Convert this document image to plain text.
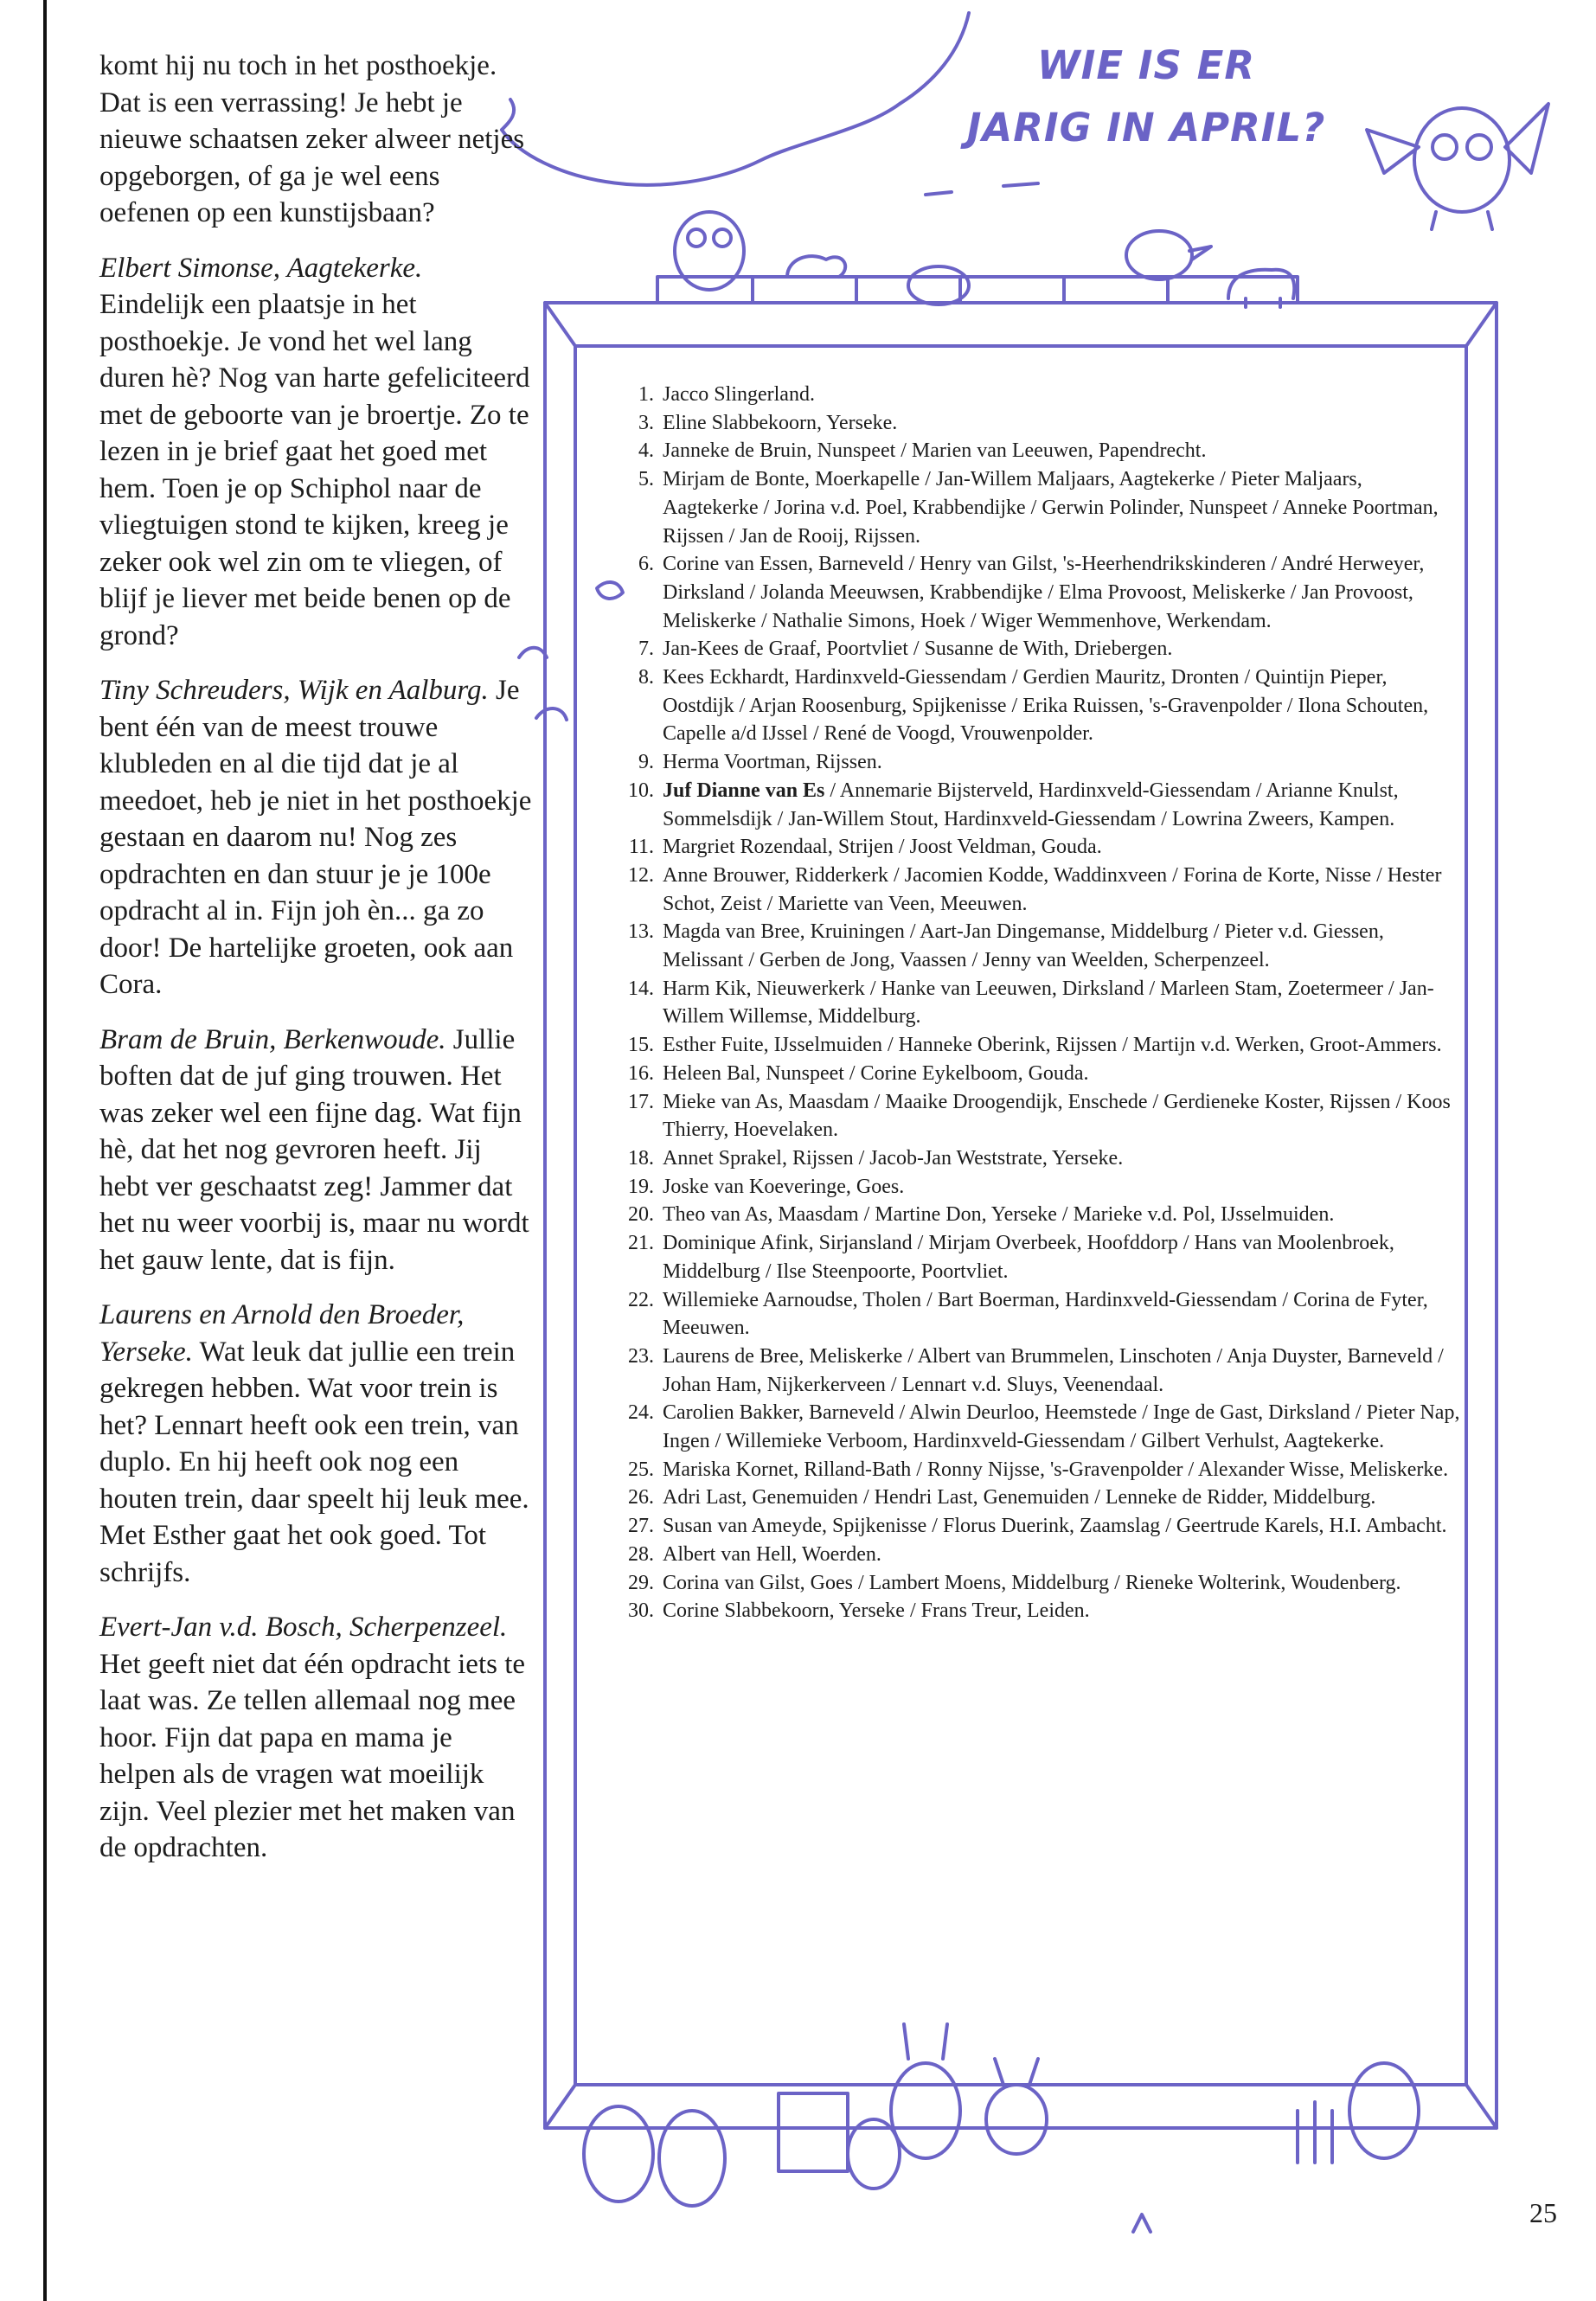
komt hij nu toch in het posthoekje. Dat is een verrassing! Je hebt je nieuwe schaatsen zeker alweer netjes opgeborgen, of ga je wel eens oefenen op een kunstijsbaan?

Elbert Simonse, Aagtekerke. Eindelijk een plaatsje in het posthoekje. Je vond het wel lang duren hè? Nog van harte gefeliciteerd met de geboorte van je broertje. Zo te lezen in je brief gaat het goed met hem. Toen je op Schiphol naar de vliegtuigen stond te kijken, kreeg je zeker ook wel zin om te vliegen, of blijf je liever met beide benen op de grond?

Tiny Schreuders, Wijk en Aalburg. Je bent één van de meest trouwe klubleden en al die tijd dat je al meedoet, heb je niet in het posthoekje gestaan en daarom nu! Nog zes opdrachten en dan stuur je je 100e opdracht al in. Fijn joh èn... ga zo door! De hartelijke groeten, ook aan Cora.

Bram de Bruin, Berkenwoude. Jullie boften dat de juf ging trouwen. Het was zeker wel een fijne dag. Wat fijn hè, dat het nog gevroren heeft. Jij hebt ver geschaatst zeg! Jammer dat het nu weer voorbij is, maar nu wordt het gauw lente, dat is fijn.

Laurens en Arnold den Broeder, Yerseke. Wat leuk dat jullie een trein gekregen hebben. Wat voor trein is het? Lennart heeft ook een trein, van duplo. En hij heeft ook nog een houten trein, daar speelt hij leuk mee. Met Esther gaat het ook goed. Tot schrijfs.

Evert-Jan v.d. Bosch, Scherpenzeel. Het geeft niet dat één opdracht iets te laat was. Ze tellen allemaal nog mee hoor. Fijn dat papa en mama je helpen als de vragen wat moeilijk zijn. Veel plezier met het maken van de opdrachten.

WIE IS ER
JARIG IN APRIL?
1. Jacco Slingerland.
3. Eline Slabbekoorn, Yerseke.
4. Janneke de Bruin, Nunspeet / Marien van Leeuwen, Papendrecht.
5. Mirjam de Bonte, Moerkapelle / Jan-Willem Maljaars, Aagtekerke / Pieter Maljaars, Aagtekerke / Jorina v.d. Poel, Krabbendijke / Gerwin Polinder, Nunspeet / Anneke Poortman, Rijssen / Jan de Rooij, Rijssen.
6. Corine van Essen, Barneveld / Henry van Gilst, 's-Heerhendrikskinderen / André Herweyer, Dirksland / Jolanda Meeuwsen, Krabbendijke / Elma Provoost, Meliskerke / Jan Provoost, Meliskerke / Nathalie Simons, Hoek / Wiger Wemmenhove, Werkendam.
7. Jan-Kees de Graaf, Poortvliet / Susanne de With, Driebergen.
8. Kees Eckhardt, Hardinxveld-Giessendam / Gerdien Mauritz, Dronten / Quintijn Pieper, Oostdijk / Arjan Roosenburg, Spijkenisse / Erika Ruissen, 's-Gravenpolder / Ilona Schouten, Capelle a/d IJssel / René de Voogd, Vrouwenpolder.
9. Herma Voortman, Rijssen.
10. Juf Dianne van Es / Annemarie Bijsterveld, Hardinxveld-Giessendam / Arianne Knulst, Sommelsdijk / Jan-Willem Stout, Hardinxveld-Giessendam / Lowrina Zweers, Kampen.
11. Margriet Rozendaal, Strijen / Joost Veldman, Gouda.
12. Anne Brouwer, Ridderkerk / Jacomien Kodde, Waddinxveen / Forina de Korte, Nisse / Hester Schot, Zeist / Mariette van Veen, Meeuwen.
13. Magda van Bree, Kruiningen / Aart-Jan Dingemanse, Middelburg / Pieter v.d. Giessen, Melissant / Gerben de Jong, Vaassen / Jenny van Weelden, Scherpenzeel.
14. Harm Kik, Nieuwerkerk / Hanke van Leeuwen, Dirksland / Marleen Stam, Zoetermeer / Jan-Willem Willemse, Middelburg.
15. Esther Fuite, IJsselmuiden / Hanneke Oberink, Rijssen / Martijn v.d. Werken, Groot-Ammers.
16. Heleen Bal, Nunspeet / Corine Eykelboom, Gouda.
17. Mieke van As, Maasdam / Maaike Droogendijk, Enschede / Gerdieneke Koster, Rijssen / Koos Thierry, Hoevelaken.
18. Annet Sprakel, Rijssen / Jacob-Jan Weststrate, Yerseke.
19. Joske van Koeveringe, Goes.
20. Theo van As, Maasdam / Martine Don, Yerseke / Marieke v.d. Pol, IJsselmuiden.
21. Dominique Afink, Sirjansland / Mirjam Overbeek, Hoofddorp / Hans van Moolenbroek, Middelburg / Ilse Steenpoorte, Poortvliet.
22. Willemieke Aarnoudse, Tholen / Bart Boerman, Hardinxveld-Giessendam / Corina de Fyter, Meeuwen.
23. Laurens de Bree, Meliskerke / Albert van Brummelen, Linschoten / Anja Duyster, Barneveld / Johan Ham, Nijkerkerveen / Lennart v.d. Sluys, Veenendaal.
24. Carolien Bakker, Barneveld / Alwin Deurloo, Heemstede / Inge de Gast, Dirksland / Pieter Nap, Ingen / Willemieke Verboom, Hardinxveld-Giessendam / Gilbert Verhulst, Aagtekerke.
25. Mariska Kornet, Rilland-Bath / Ronny Nijsse, 's-Gravenpolder / Alexander Wisse, Meliskerke.
26. Adri Last, Genemuiden / Hendri Last, Genemuiden / Lenneke de Ridder, Middelburg.
27. Susan van Ameyde, Spijkenisse / Florus Duerink, Zaamslag / Geertrude Karels, H.I. Ambacht.
28. Albert van Hell, Woerden.
29. Corina van Gilst, Goes / Lambert Moens, Middelburg / Rieneke Wolterink, Woudenberg.
30. Corine Slabbekoorn, Yerseke / Frans Treur, Leiden.
25
